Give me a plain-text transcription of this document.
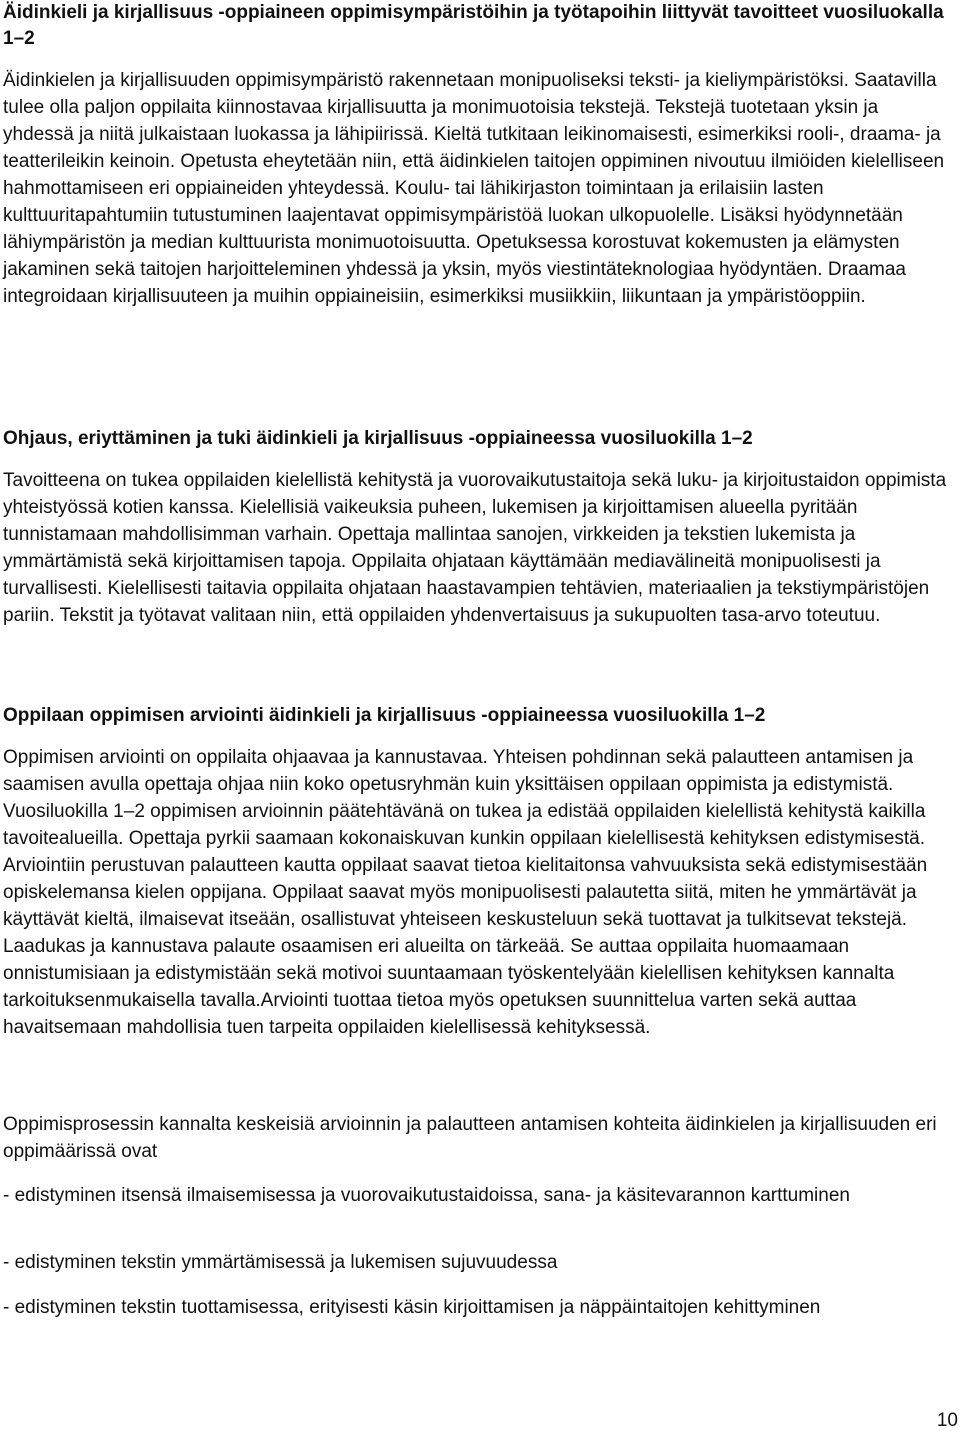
Äidinkieli ja kirjallisuus -oppiaineen oppimisympäristöihin ja työtapoihin liittyvät tavoitteet vuosiluokalla 1–2

Äidinkielen ja kirjallisuuden oppimisympäristö rakennetaan monipuoliseksi teksti- ja kieliympäristöksi. Saatavilla tulee olla paljon oppilaita kiinnostavaa kirjallisuutta ja monimuotoisia tekstejä. Tekstejä tuotetaan yksin ja yhdessä ja niitä julkaistaan luokassa ja lähipiirissä. Kieltä tutkitaan leikinomaisesti, esimerkiksi rooli-, draama- ja teatterileikin keinoin. Opetusta eheytetään niin, että äidinkielen taitojen oppiminen nivoutuu ilmiöiden kielelliseen hahmottamiseen eri oppiaineiden yhteydessä. Koulu- tai lähikirjaston toimintaan ja erilaisiin lasten kulttuuritapahtumiin tutustuminen laajentavat oppimisympäristöä luokan ulkopuolelle. Lisäksi hyödynnetään lähiympäristön ja median kulttuurista monimuotoisuutta. Opetuksessa korostuvat kokemusten ja elämysten jakaminen sekä taitojen harjoitteleminen yhdessä ja yksin, myös viestintäteknologiaa hyödyntäen. Draamaa integroidaan kirjallisuuteen ja muihin oppiaineisiin, esimerkiksi musiikkiin, liikuntaan ja ympäristöoppiin.

Ohjaus, eriyttäminen ja tuki äidinkieli ja kirjallisuus -oppiaineessa vuosiluokilla 1–2

Tavoitteena on tukea oppilaiden kielellistä kehitystä ja vuorovaikutustaitoja sekä luku- ja kirjoitustaidon oppimista yhteistyössä kotien kanssa. Kielellisiä vaikeuksia puheen, lukemisen ja kirjoittamisen alueella pyritään tunnistamaan mahdollisimman varhain. Opettaja mallintaa sanojen, virkkeiden ja tekstien lukemista ja ymmärtämistä sekä kirjoittamisen tapoja. Oppilaita ohjataan käyttämään mediavälineitä monipuolisesti ja turvallisesti. Kielellisesti taitavia oppilaita ohjataan haastavampien tehtävien, materiaalien ja tekstiympäristöjen pariin. Tekstit ja työtavat valitaan niin, että oppilaiden yhdenvertaisuus ja sukupuolten tasa-arvo toteutuu.

Oppilaan oppimisen arviointi äidinkieli ja kirjallisuus -oppiaineessa vuosiluokilla 1–2

Oppimisen arviointi on oppilaita ohjaavaa ja kannustavaa. Yhteisen pohdinnan sekä palautteen antamisen ja saamisen avulla opettaja ohjaa niin koko opetusryhmän kuin yksittäisen oppilaan oppimista ja edistymistä. Vuosiluokilla 1–2 oppimisen arvioinnin päätehtävänä on tukea ja edistää oppilaiden kielellistä kehitystä kaikilla tavoitealueilla. Opettaja pyrkii saamaan kokonaiskuvan kunkin oppilaan kielellisestä kehityksen edistymisestä. Arviointiin perustuvan palautteen kautta oppilaat saavat tietoa kielitaitonsa vahvuuksista sekä edistymisestään opiskelemansa kielen oppijana. Oppilaat saavat myös monipuolisesti palautetta siitä, miten he ymmärtävät ja käyttävät kieltä, ilmaisevat itseään, osallistuvat yhteiseen keskusteluun sekä tuottavat ja tulkitsevat tekstejä. Laadukas ja kannustava palaute osaamisen eri alueilta on tärkeää. Se auttaa oppilaita huomaamaan onnistumisiaan ja edistymistään sekä motivoi suuntaamaan työskentelyään kielellisen kehityksen kannalta tarkoituksenmukaisella tavalla.Arviointi tuottaa tietoa myös opetuksen suunnittelua varten sekä auttaa havaitsemaan mahdollisia tuen tarpeita oppilaiden kielellisessä kehityksessä.

Oppimisprosessin kannalta keskeisiä arvioinnin ja palautteen antamisen kohteita äidinkielen ja kirjallisuuden eri oppimäärissä ovat

- edistyminen itsensä ilmaisemisessa ja vuorovaikutustaidoissa, sana- ja käsitevarannon karttuminen

- edistyminen tekstin ymmärtämisessä ja lukemisen sujuvuudessa

- edistyminen tekstin tuottamisessa, erityisesti käsin kirjoittamisen ja näppäintaitojen kehittyminen

10
